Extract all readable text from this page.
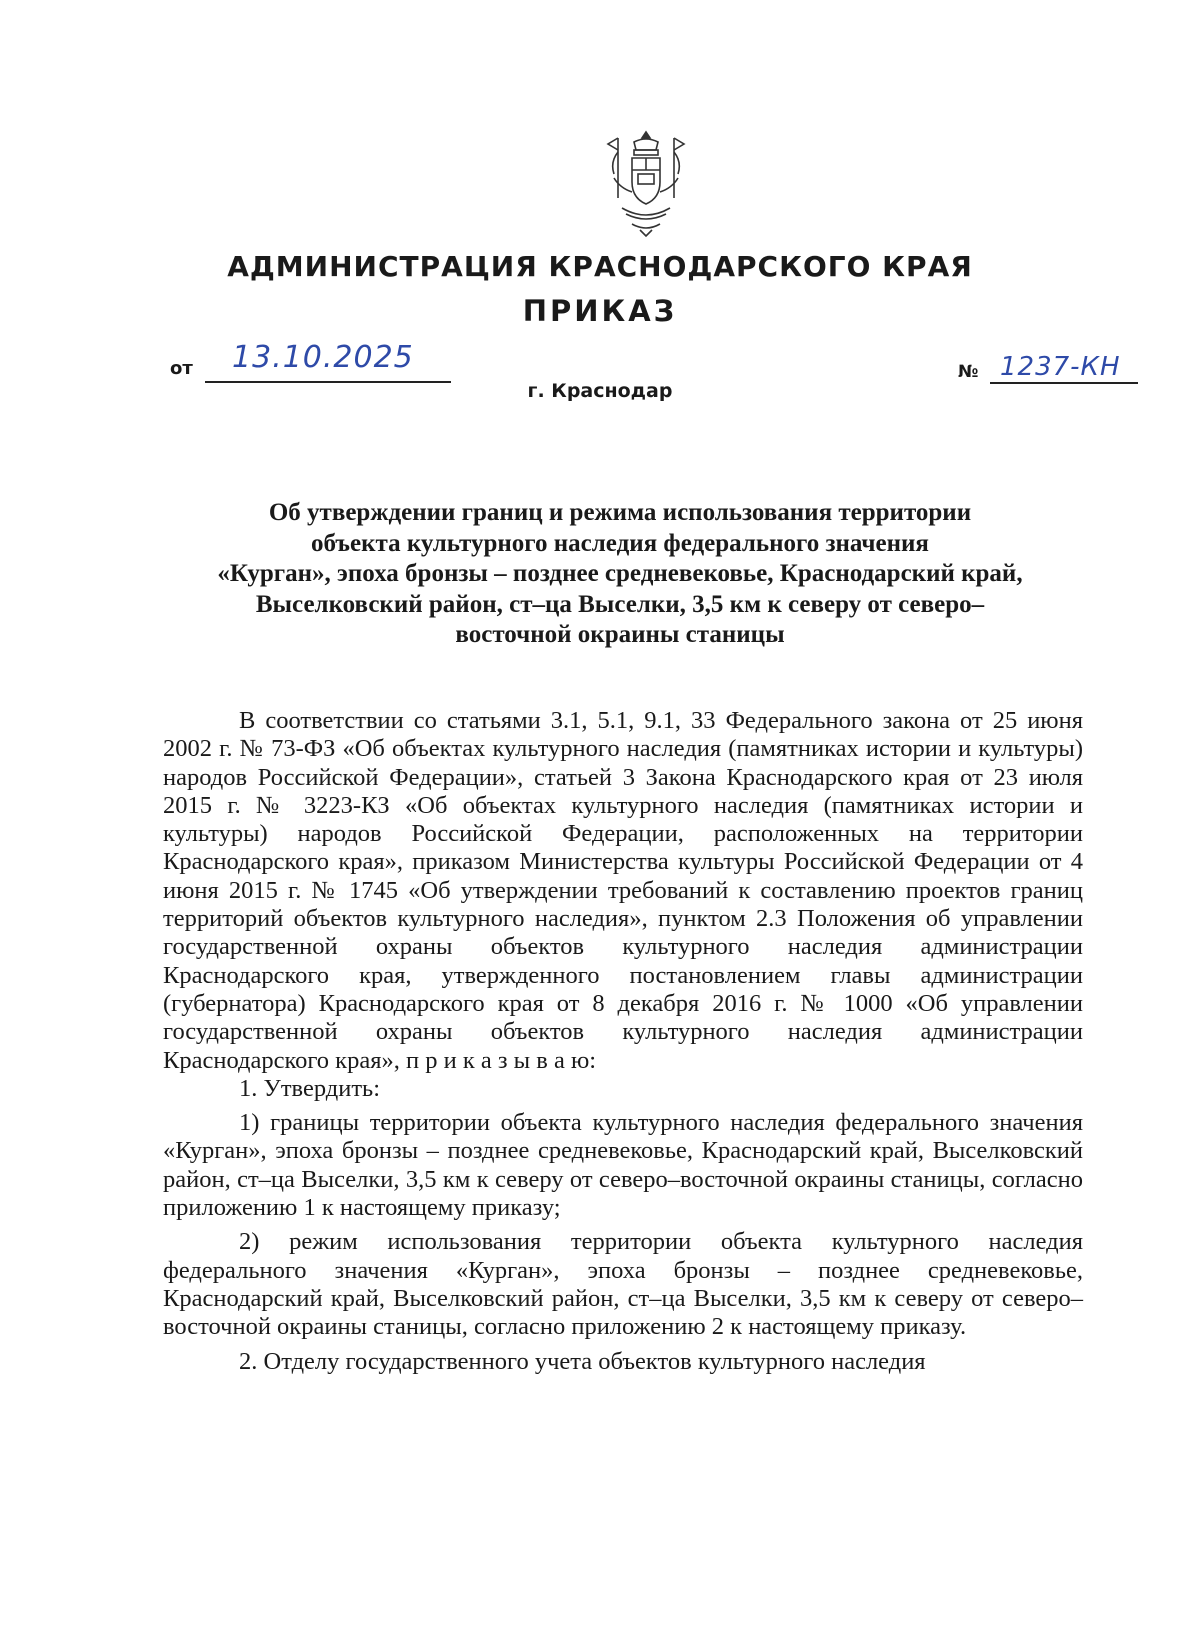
АДМИНИСТРАЦИЯ КРАСНОДАРСКОГО КРАЯ
ПРИКАЗ
от 13.10.2025
г. Краснодар
№ 1237-КН
Об утверждении границ и режима использования территории
объекта культурного наследия федерального значения
«Курган», эпоха бронзы – позднее средневековье, Краснодарский край,
Выселковский район, ст–ца Выселки, 3,5 км к северу от северо–
восточной окраины станицы

В соответствии со статьями 3.1, 5.1, 9.1, 33 Федерального закона от 25 июня 2002 г. № 73-ФЗ «Об объектах культурного наследия (памятниках истории и культуры) народов Российской Федерации», статьей 3 Закона Краснодарского края от 23 июля 2015 г. № 3223-КЗ «Об объектах культурного наследия (памятниках истории и культуры) народов Российской Федерации, расположенных на территории Краснодарского края», приказом Министерства культуры Российской Федерации от 4 июня 2015 г. № 1745 «Об утверждении требований к составлению проектов границ территорий объектов культурного наследия», пунктом 2.3 Положения об управлении государственной охраны объектов культурного наследия администрации Краснодарского края, утвержденного постановлением главы администрации (губернатора) Краснодарского края от 8 декабря 2016 г. № 1000 «Об управлении государственной охраны объектов культурного наследия администрации Краснодарского края», п р и к а з ы в а ю:

1. Утвердить:

1) границы территории объекта культурного наследия федерального значения «Курган», эпоха бронзы – позднее средневековье, Краснодарский край, Выселковский район, ст–ца Выселки, 3,5 км к северу от северо–восточной окраины станицы, согласно приложению 1 к настоящему приказу;

2) режим использования территории объекта культурного наследия федерального значения «Курган», эпоха бронзы – позднее средневековье, Краснодарский край, Выселковский район, ст–ца Выселки, 3,5 км к северу от северо–восточной окраины станицы, согласно приложению 2 к настоящему приказу.

2. Отделу государственного учета объектов культурного наследия
